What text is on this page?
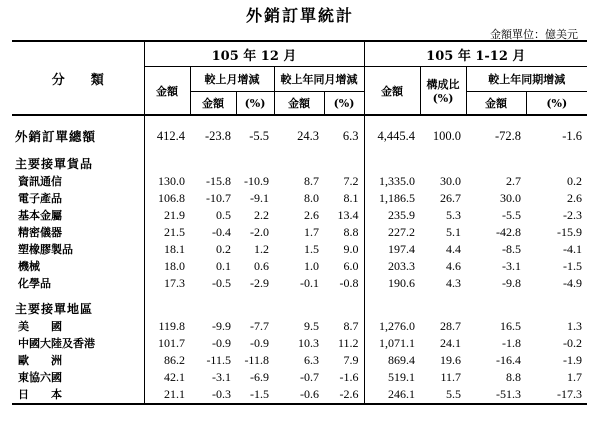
外銷訂單統計
金額單位：億美元
分　　類	105 年 12 月					105 年 1-12 月			
	金額	較上月增減		較上年同月增減		金額	構成比(%)	較上年同期增減	
		金額	(%)	金額	(%)			金額	(%)

外銷訂單總額	412.4	-23.8	-5.5	24.3	6.3	4,445.4	100.0	-72.8	-1.6

主要接單貨品									
資訊通信	130.0	-15.8	-10.9	8.7	7.2	1,335.0	30.0	2.7	0.2
電子產品	106.8	-10.7	-9.1	8.0	8.1	1,186.5	26.7	30.0	2.6
基本金屬	21.9	0.5	2.2	2.6	13.4	235.9	5.3	-5.5	-2.3
精密儀器	21.5	-0.4	-2.0	1.7	8.8	227.2	5.1	-42.8	-15.9
塑橡膠製品	18.1	0.2	1.2	1.5	9.0	197.4	4.4	-8.5	-4.1
機械	18.0	0.1	0.6	1.0	6.0	203.3	4.6	-3.1	-1.5
化學品	17.3	-0.5	-2.9	-0.1	-0.8	190.6	4.3	-9.8	-4.9

主要接單地區									
美　　國	119.8	-9.9	-7.7	9.5	8.7	1,276.0	28.7	16.5	1.3
中國大陸及香港	101.7	-0.9	-0.9	10.3	11.2	1,071.1	24.1	-1.8	-0.2
歐　　洲	86.2	-11.5	-11.8	6.3	7.9	869.4	19.6	-16.4	-1.9
東協六國	42.1	-3.1	-6.9	-0.7	-1.6	519.1	11.7	8.8	1.7
日　　本	21.1	-0.3	-1.5	-0.6	-2.6	246.1	5.5	-51.3	-17.3
